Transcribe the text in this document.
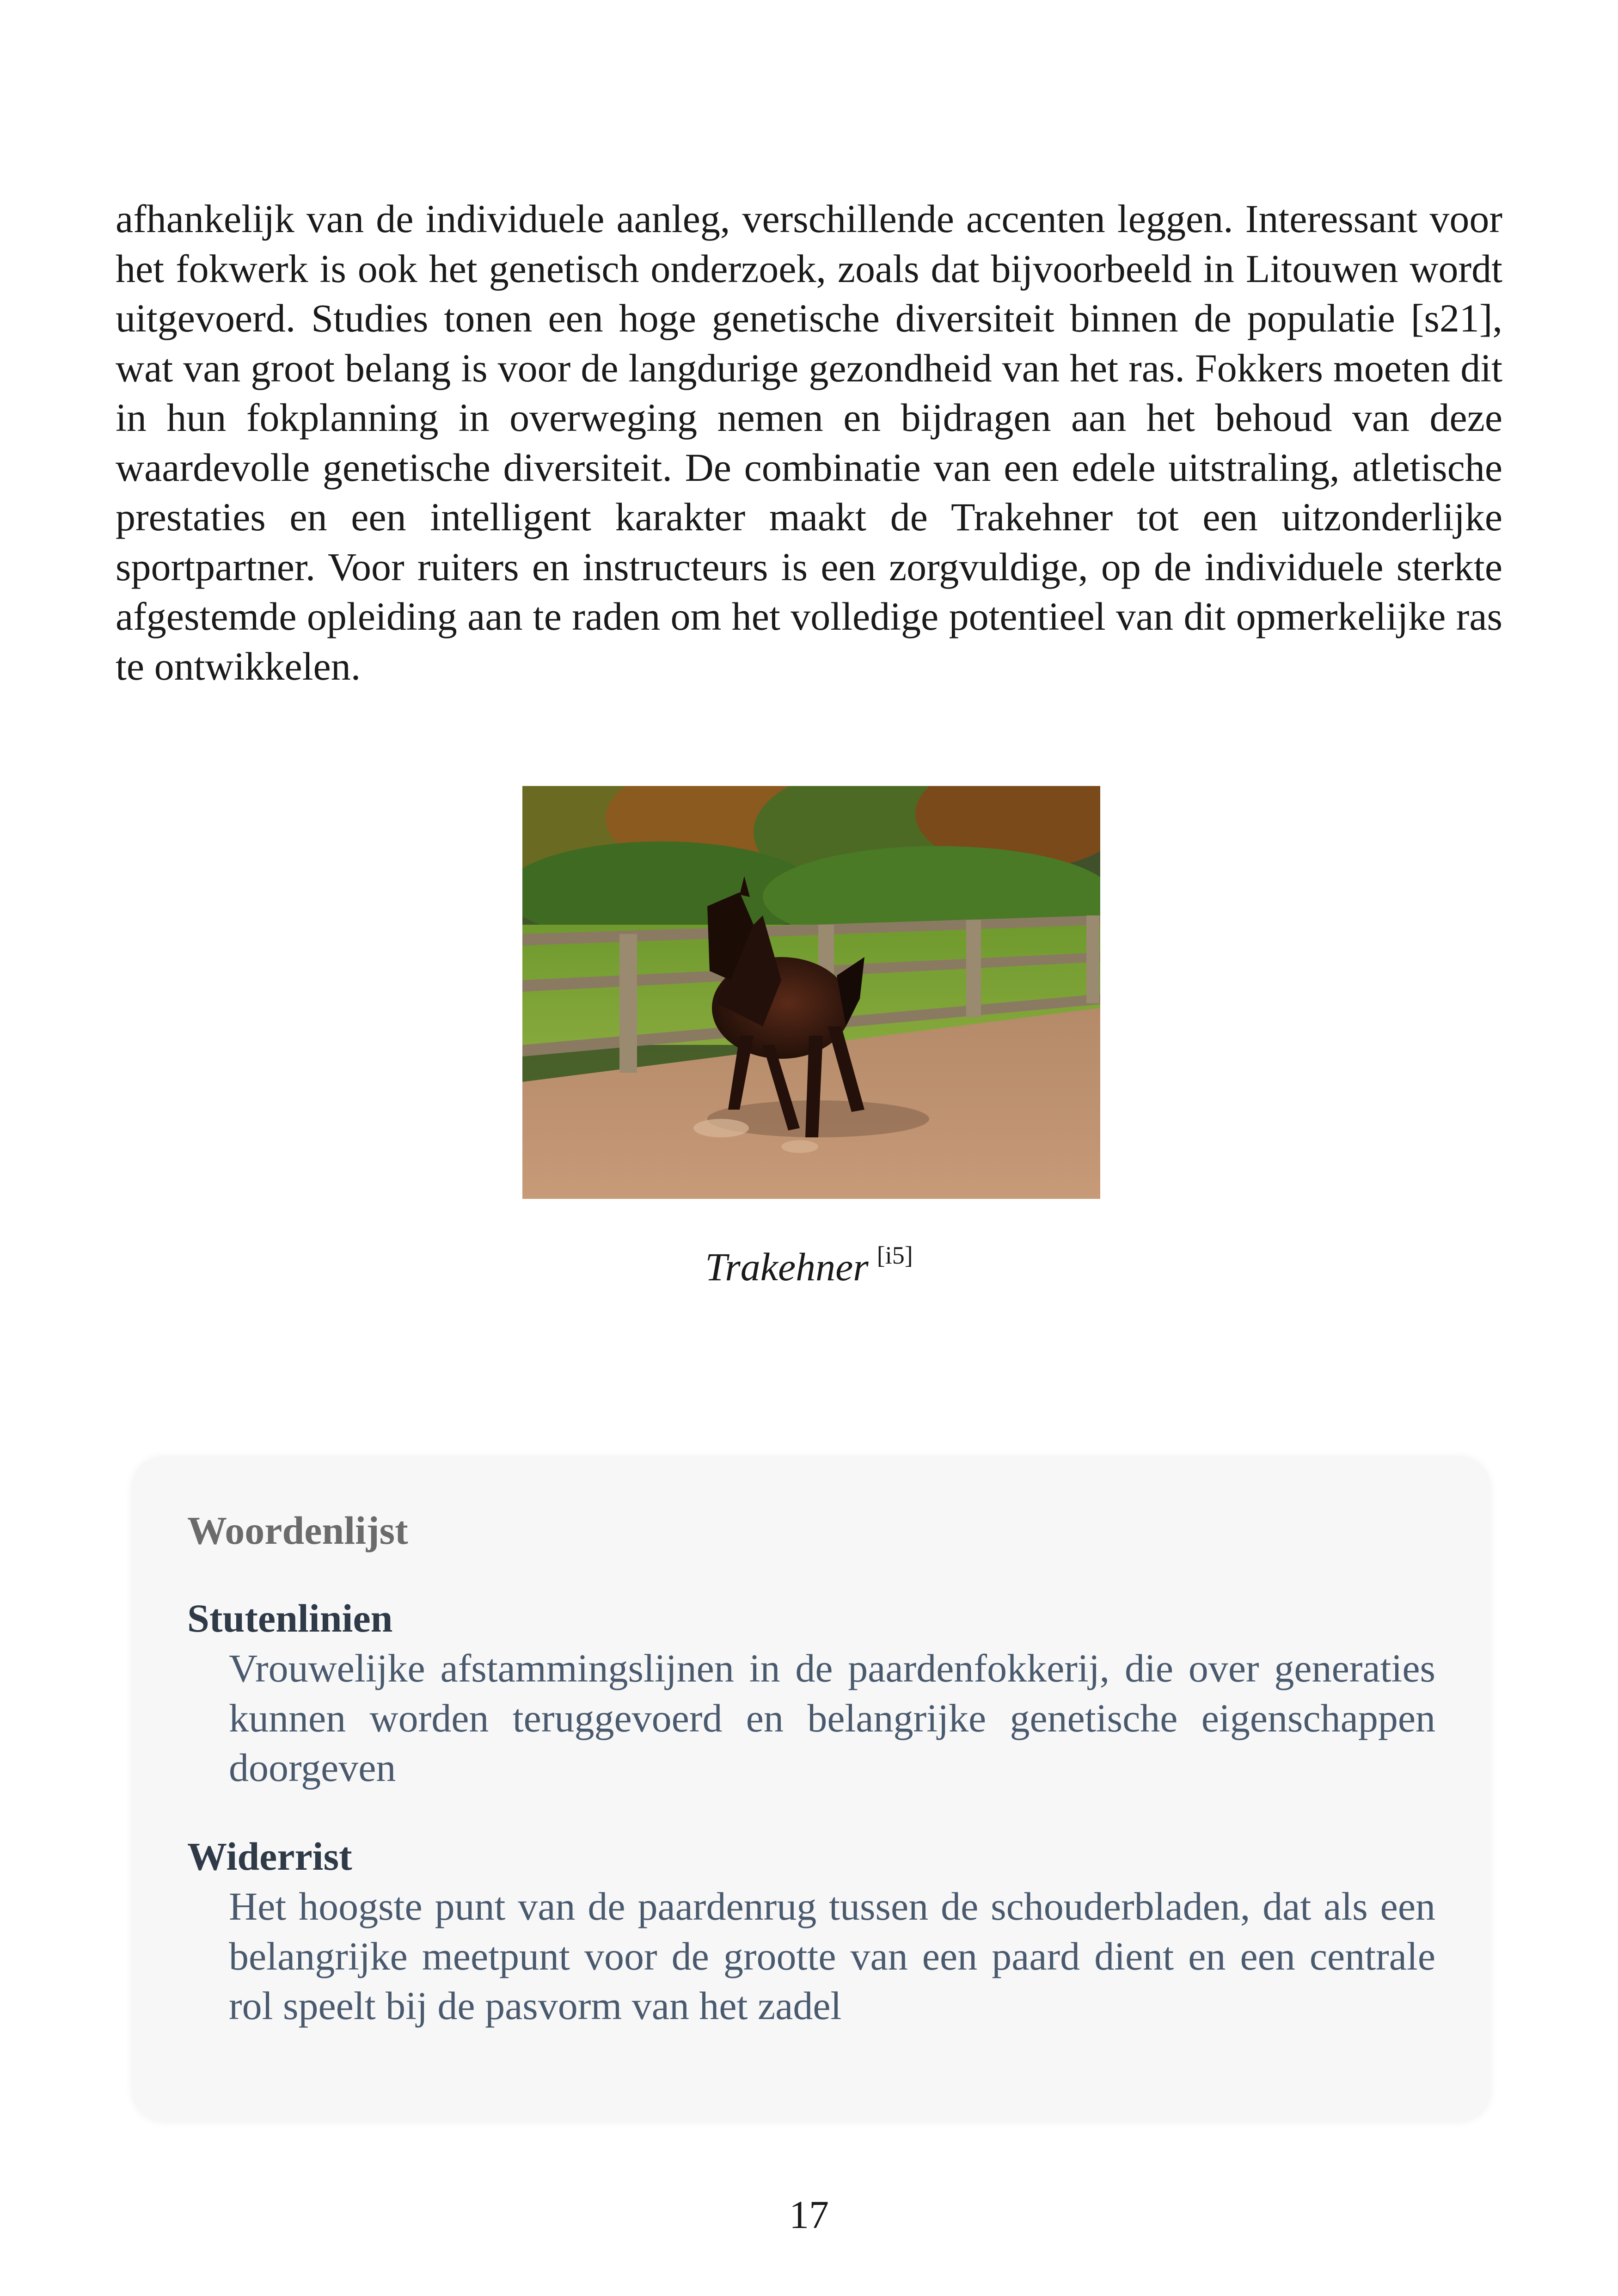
afhankelijk van de individuele aanleg, verschillende accenten leggen. Interessant voor het fokwerk is ook het genetisch onderzoek, zoals dat bijvoorbeeld in Litouwen wordt uitgevoerd. Studies tonen een hoge genetische diversiteit binnen de populatie [s21], wat van groot belang is voor de langdurige gezondheid van het ras. Fokkers moeten dit in hun fokplanning in overweging nemen en bijdragen aan het behoud van deze waardevolle genetische diversiteit. De combinatie van een edele uitstraling, atletische prestaties en een intelligent karakter maakt de Trakehner tot een uitzonderlijke sportpartner. Voor ruiters en instructeurs is een zorgvuldige, op de individuele sterkte afgestemde opleiding aan te raden om het volledige potentieel van dit opmerkelijke ras te ontwikkelen.

Trakehner [i5]
Woordenlijst
Stutenlinien

Vrouwelijke afstammingslijnen in de paardenfokkerij, die over generaties kunnen worden teruggevoerd en belangrijke genetische eigenschappen doorgeven

Widerrist

Het hoogste punt van de paardenrug tussen de schouderbladen, dat als een belangrijke meetpunt voor de grootte van een paard dient en een centrale rol speelt bij de pasvorm van het zadel

17
